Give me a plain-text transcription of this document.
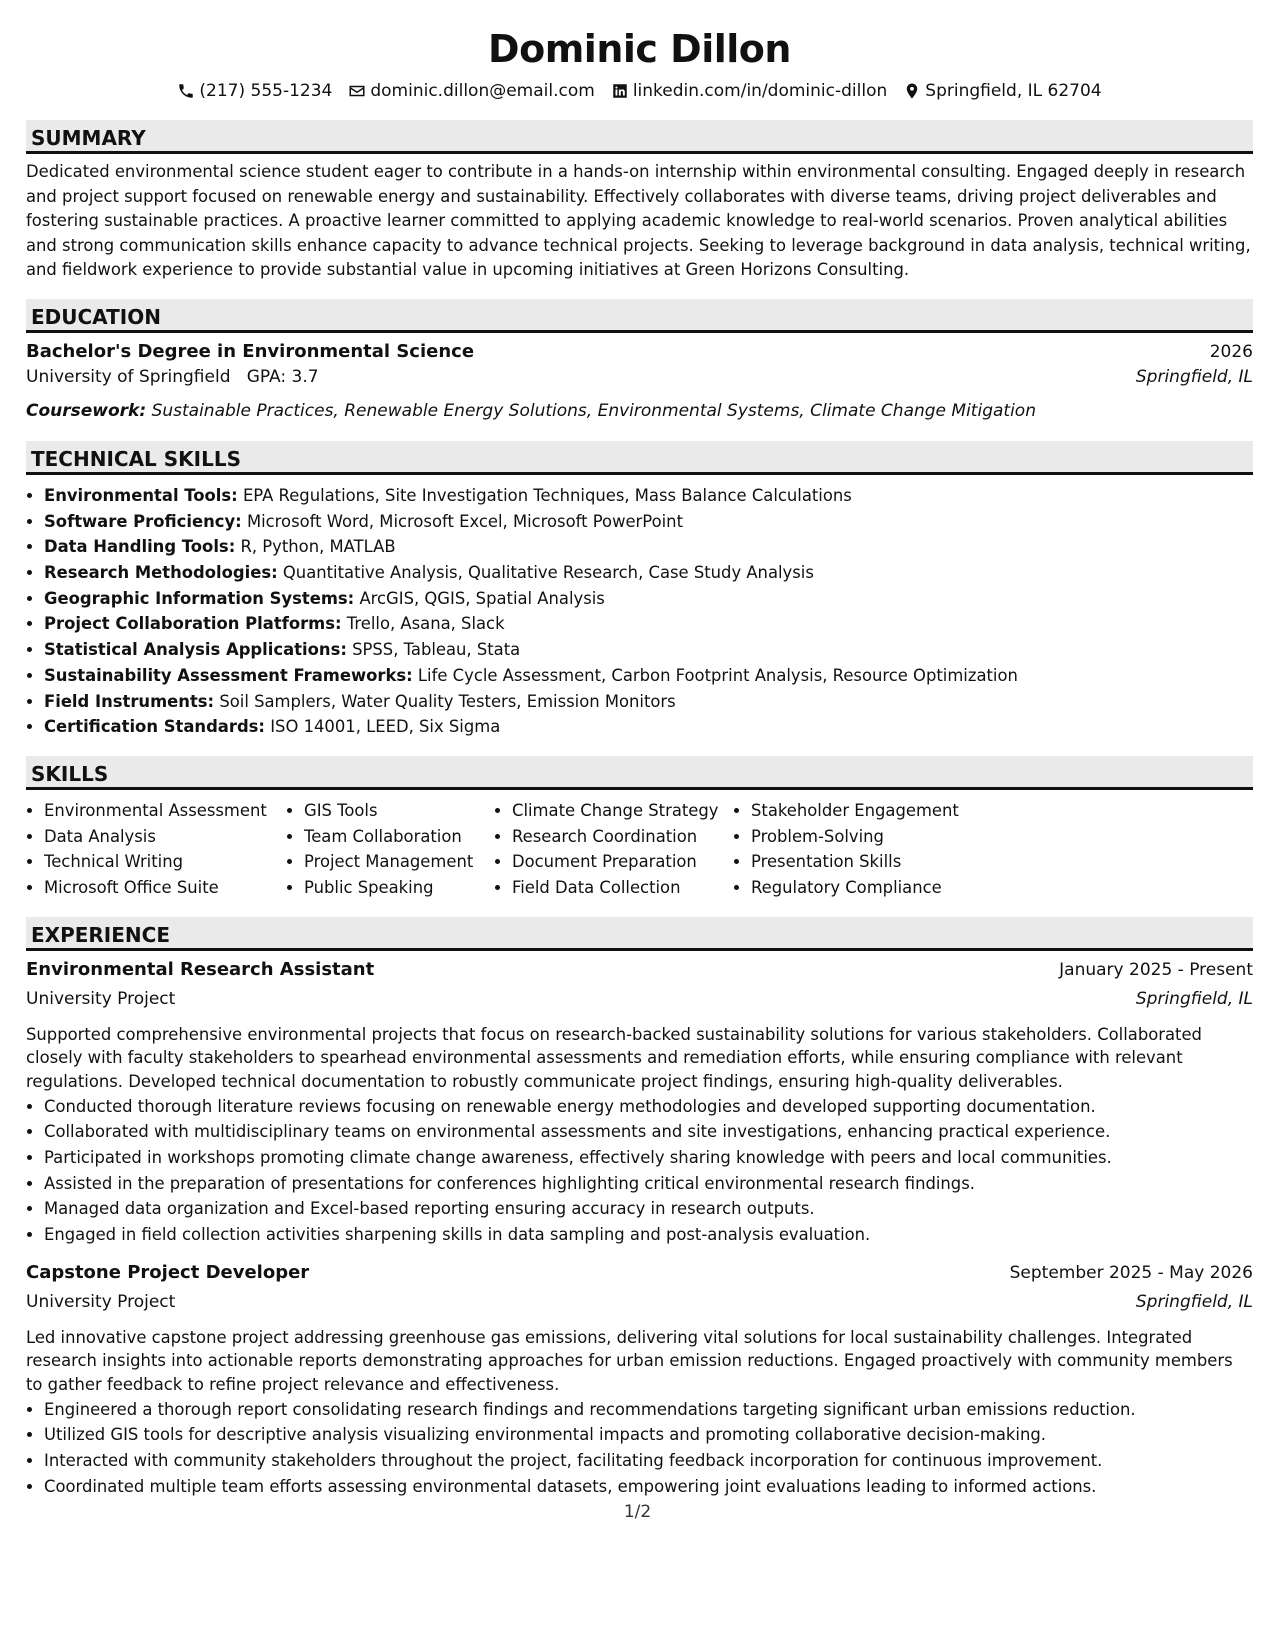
Dominic Dillon
(217) 555-1234 dominic.dillon@email.com linkedin.com/in/dominic-dillon Springfield, IL 62704
SUMMARY
Dedicated environmental science student eager to contribute in a hands-on internship within environmental consulting. Engaged deeply in research and project support focused on renewable energy and sustainability. Effectively collaborates with diverse teams, driving project deliverables and fostering sustainable practices. A proactive learner committed to applying academic knowledge to real-world scenarios. Proven analytical abilities and strong communication skills enhance capacity to advance technical projects. Seeking to leverage background in data analysis, technical writing, and fieldwork experience to provide substantial value in upcoming initiatives at Green Horizons Consulting.
EDUCATION
Bachelor's Degree in Environmental Science	2026
University of Springfield GPA: 3.7	Springfield, IL
Coursework: Sustainable Practices, Renewable Energy Solutions, Environmental Systems, Climate Change Mitigation
TECHNICAL SKILLS
• Environmental Tools: EPA Regulations, Site Investigation Techniques, Mass Balance Calculations
• Software Proficiency: Microsoft Word, Microsoft Excel, Microsoft PowerPoint
• Data Handling Tools: R, Python, MATLAB
• Research Methodologies: Quantitative Analysis, Qualitative Research, Case Study Analysis
• Geographic Information Systems: ArcGIS, QGIS, Spatial Analysis
• Project Collaboration Platforms: Trello, Asana, Slack
• Statistical Analysis Applications: SPSS, Tableau, Stata
• Sustainability Assessment Frameworks: Life Cycle Assessment, Carbon Footprint Analysis, Resource Optimization
• Field Instruments: Soil Samplers, Water Quality Testers, Emission Monitors
• Certification Standards: ISO 14001, LEED, Six Sigma
SKILLS
• Environmental Assessment
• Data Analysis
• Technical Writing
• Microsoft Office Suite
• GIS Tools
• Team Collaboration
• Project Management
• Public Speaking
• Climate Change Strategy
• Research Coordination
• Document Preparation
• Field Data Collection
• Stakeholder Engagement
• Problem-Solving
• Presentation Skills
• Regulatory Compliance
EXPERIENCE
Environmental Research Assistant	January 2025 - Present
University Project	Springfield, IL
Supported comprehensive environmental projects that focus on research-backed sustainability solutions for various stakeholders. Collaborated closely with faculty stakeholders to spearhead environmental assessments and remediation efforts, while ensuring compliance with relevant regulations. Developed technical documentation to robustly communicate project findings, ensuring high-quality deliverables.
• Conducted thorough literature reviews focusing on renewable energy methodologies and developed supporting documentation.
• Collaborated with multidisciplinary teams on environmental assessments and site investigations, enhancing practical experience.
• Participated in workshops promoting climate change awareness, effectively sharing knowledge with peers and local communities.
• Assisted in the preparation of presentations for conferences highlighting critical environmental research findings.
• Managed data organization and Excel-based reporting ensuring accuracy in research outputs.
• Engaged in field collection activities sharpening skills in data sampling and post-analysis evaluation.
Capstone Project Developer	September 2025 - May 2026
University Project	Springfield, IL
Led innovative capstone project addressing greenhouse gas emissions, delivering vital solutions for local sustainability challenges. Integrated research insights into actionable reports demonstrating approaches for urban emission reductions. Engaged proactively with community members to gather feedback to refine project relevance and effectiveness.
• Engineered a thorough report consolidating research findings and recommendations targeting significant urban emissions reduction.
• Utilized GIS tools for descriptive analysis visualizing environmental impacts and promoting collaborative decision-making.
• Interacted with community stakeholders throughout the project, facilitating feedback incorporation for continuous improvement.
• Coordinated multiple team efforts assessing environmental datasets, empowering joint evaluations leading to informed actions.
1/2
